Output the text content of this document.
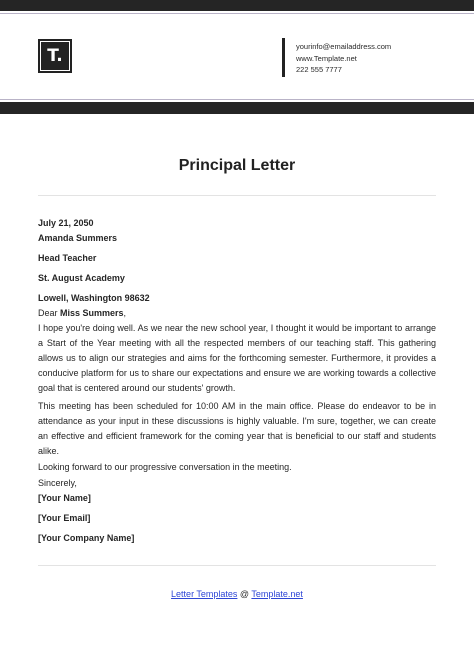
T.	yourinfo@emailaddress.com
www.Template.net
222 555 7777
Principal Letter
July 21, 2050
Amanda Summers
Head Teacher
St. August Academy
Lowell, Washington 98632
Dear Miss Summers,

I hope you're doing well. As we near the new school year, I thought it would be important to arrange a Start of the Year meeting with all the respected members of our teaching staff. This gathering allows us to align our strategies and aims for the forthcoming semester. Furthermore, it provides a conducive platform for us to share our expectations and ensure we are working towards a collective goal that is centered around our students' growth.

This meeting has been scheduled for 10:00 AM in the main office. Please do endeavor to be in attendance as your input in these discussions is highly valuable. I'm sure, together, we can create an effective and efficient framework for the coming year that is beneficial to our staff and students alike.

Looking forward to our progressive conversation in the meeting.

Sincerely,
[Your Name]
[Your Email]
[Your Company Name]
Letter Templates @ Template.net
